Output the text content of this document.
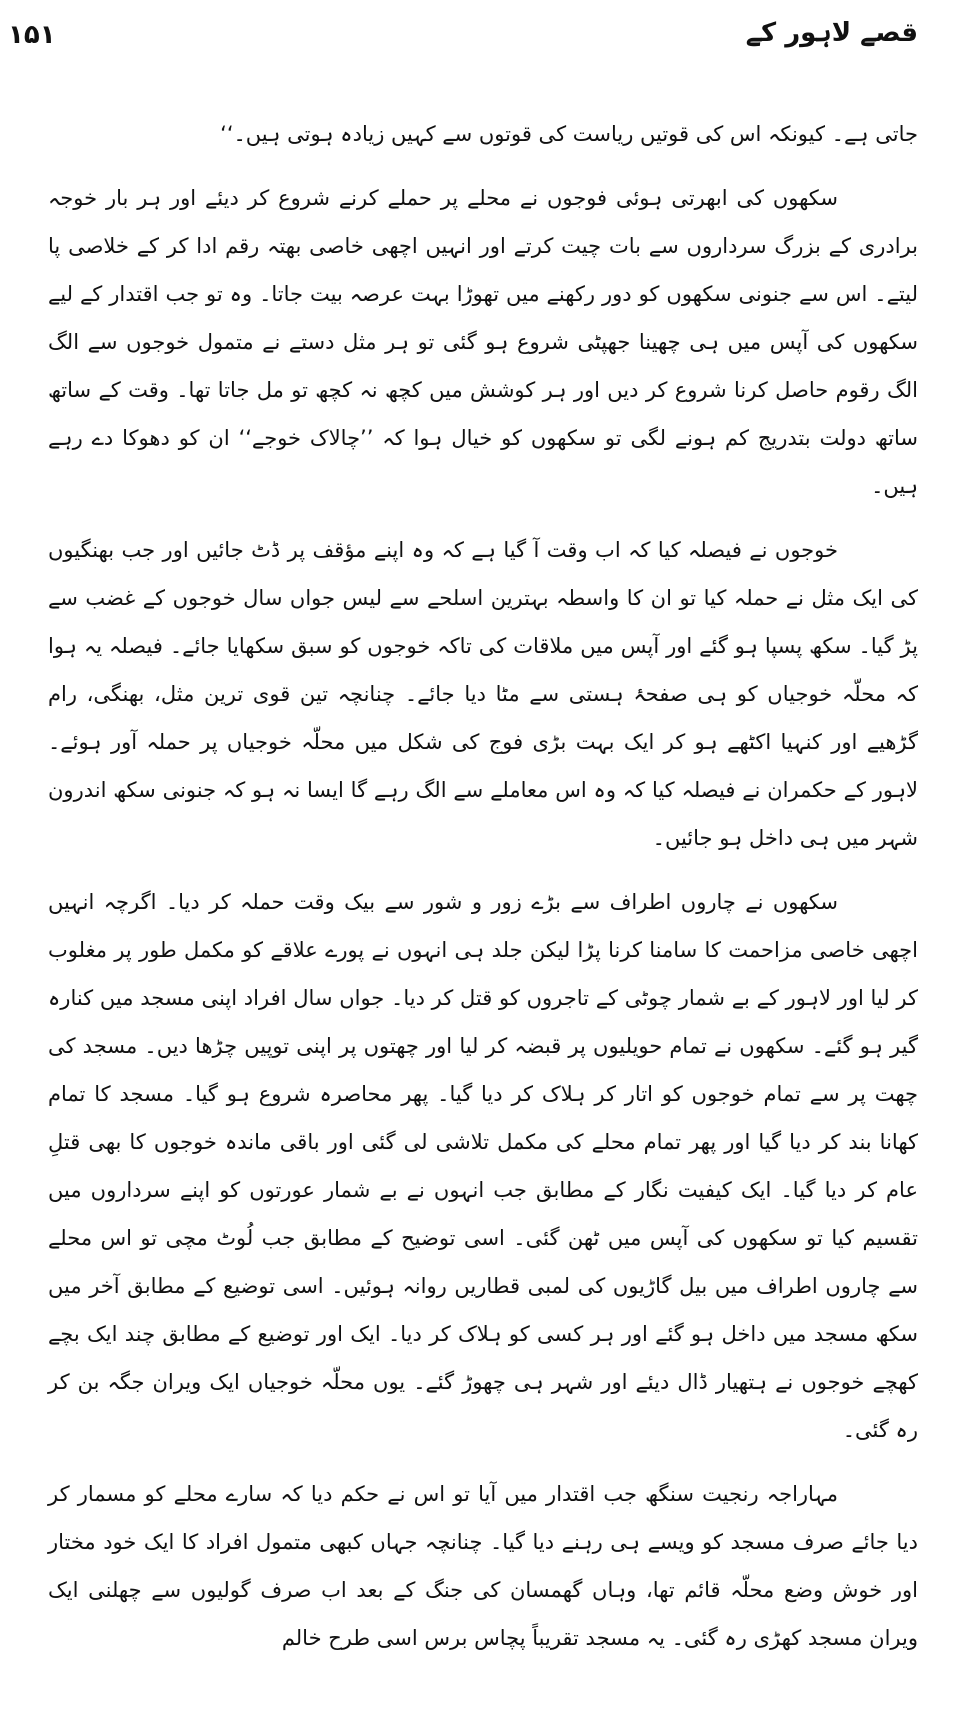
قصے لاہور کے
۱۵۱

جاتی ہے۔ کیونکہ اس کی قوتیں ریاست کی قوتوں سے کہیں زیادہ ہوتی ہیں۔‘‘

سکھوں کی ابھرتی ہوئی فوجوں نے محلے پر حملے کرنے شروع کر دیئے اور ہر بار خوجہ برادری کے بزرگ سرداروں سے بات چیت کرتے اور انہیں اچھی خاصی بھتہ رقم ادا کر کے خلاصی پا لیتے۔ اس سے جنونی سکھوں کو دور رکھنے میں تھوڑا بہت عرصہ بیت جاتا۔ وہ تو جب اقتدار کے لیے سکھوں کی آپس میں ہی چھینا جھپٹی شروع ہو گئی تو ہر مثل دستے نے متمول خوجوں سے الگ الگ رقوم حاصل کرنا شروع کر دیں اور ہر کوشش میں کچھ نہ کچھ تو مل جاتا تھا۔ وقت کے ساتھ ساتھ دولت بتدریج کم ہونے لگی تو سکھوں کو خیال ہوا کہ ’’چالاک خوجے‘‘ ان کو دھوکا دے رہے ہیں۔

خوجوں نے فیصلہ کیا کہ اب وقت آ گیا ہے کہ وہ اپنے مؤقف پر ڈٹ جائیں اور جب بھنگیوں کی ایک مثل نے حملہ کیا تو ان کا واسطہ بہترین اسلحے سے لیس جواں سال خوجوں کے غضب سے پڑ گیا۔ سکھ پسپا ہو گئے اور آپس میں ملاقات کی تاکہ خوجوں کو سبق سکھایا جائے۔ فیصلہ یہ ہوا کہ محلّہ خوجیاں کو ہی صفحۂ ہستی سے مٹا دیا جائے۔ چنانچہ تین قوی ترین مثل، بھنگی، رام گڑھیے اور کنہیا اکٹھے ہو کر ایک بہت بڑی فوج کی شکل میں محلّہ خوجیاں پر حملہ آور ہوئے۔ لاہور کے حکمران نے فیصلہ کیا کہ وہ اس معاملے سے الگ رہے گا ایسا نہ ہو کہ جنونی سکھ اندرون شہر میں ہی داخل ہو جائیں۔

سکھوں نے چاروں اطراف سے بڑے زور و شور سے بیک وقت حملہ کر دیا۔ اگرچہ انہیں اچھی خاصی مزاحمت کا سامنا کرنا پڑا لیکن جلد ہی انہوں نے پورے علاقے کو مکمل طور پر مغلوب کر لیا اور لاہور کے بے شمار چوٹی کے تاجروں کو قتل کر دیا۔ جواں سال افراد اپنی مسجد میں کنارہ گیر ہو گئے۔ سکھوں نے تمام حویلیوں پر قبضہ کر لیا اور چھتوں پر اپنی توپیں چڑھا دیں۔ مسجد کی چھت پر سے تمام خوجوں کو اتار کر ہلاک کر دیا گیا۔ پھر محاصرہ شروع ہو گیا۔ مسجد کا تمام کھانا بند کر دیا گیا اور پھر تمام محلے کی مکمل تلاشی لی گئی اور باقی ماندہ خوجوں کا بھی قتلِ عام کر دیا گیا۔ ایک کیفیت نگار کے مطابق جب انہوں نے بے شمار عورتوں کو اپنے سرداروں میں تقسیم کیا تو سکھوں کی آپس میں ٹھن گئی۔ اسی توضیح کے مطابق جب لُوٹ مچی تو اس محلے سے چاروں اطراف میں بیل گاڑیوں کی لمبی قطاریں روانہ ہوئیں۔ اسی توضیع کے مطابق آخر میں سکھ مسجد میں داخل ہو گئے اور ہر کسی کو ہلاک کر دیا۔ ایک اور توضیع کے مطابق چند ایک بچے کھچے خوجوں نے ہتھیار ڈال دیئے اور شہر ہی چھوڑ گئے۔ یوں محلّہ خوجیاں ایک ویران جگہ بن کر رہ گئی۔

مہاراجہ رنجیت سنگھ جب اقتدار میں آیا تو اس نے حکم دیا کہ سارے محلے کو مسمار کر دیا جائے صرف مسجد کو ویسے ہی رہنے دیا گیا۔ چنانچہ جہاں کبھی متمول افراد کا ایک خود مختار اور خوش وضع محلّہ قائم تھا، وہاں گھمسان کی جنگ کے بعد اب صرف گولیوں سے چھلنی ایک ویران مسجد کھڑی رہ گئی۔ یہ مسجد تقریباً پچاس برس اسی طرح خالم
